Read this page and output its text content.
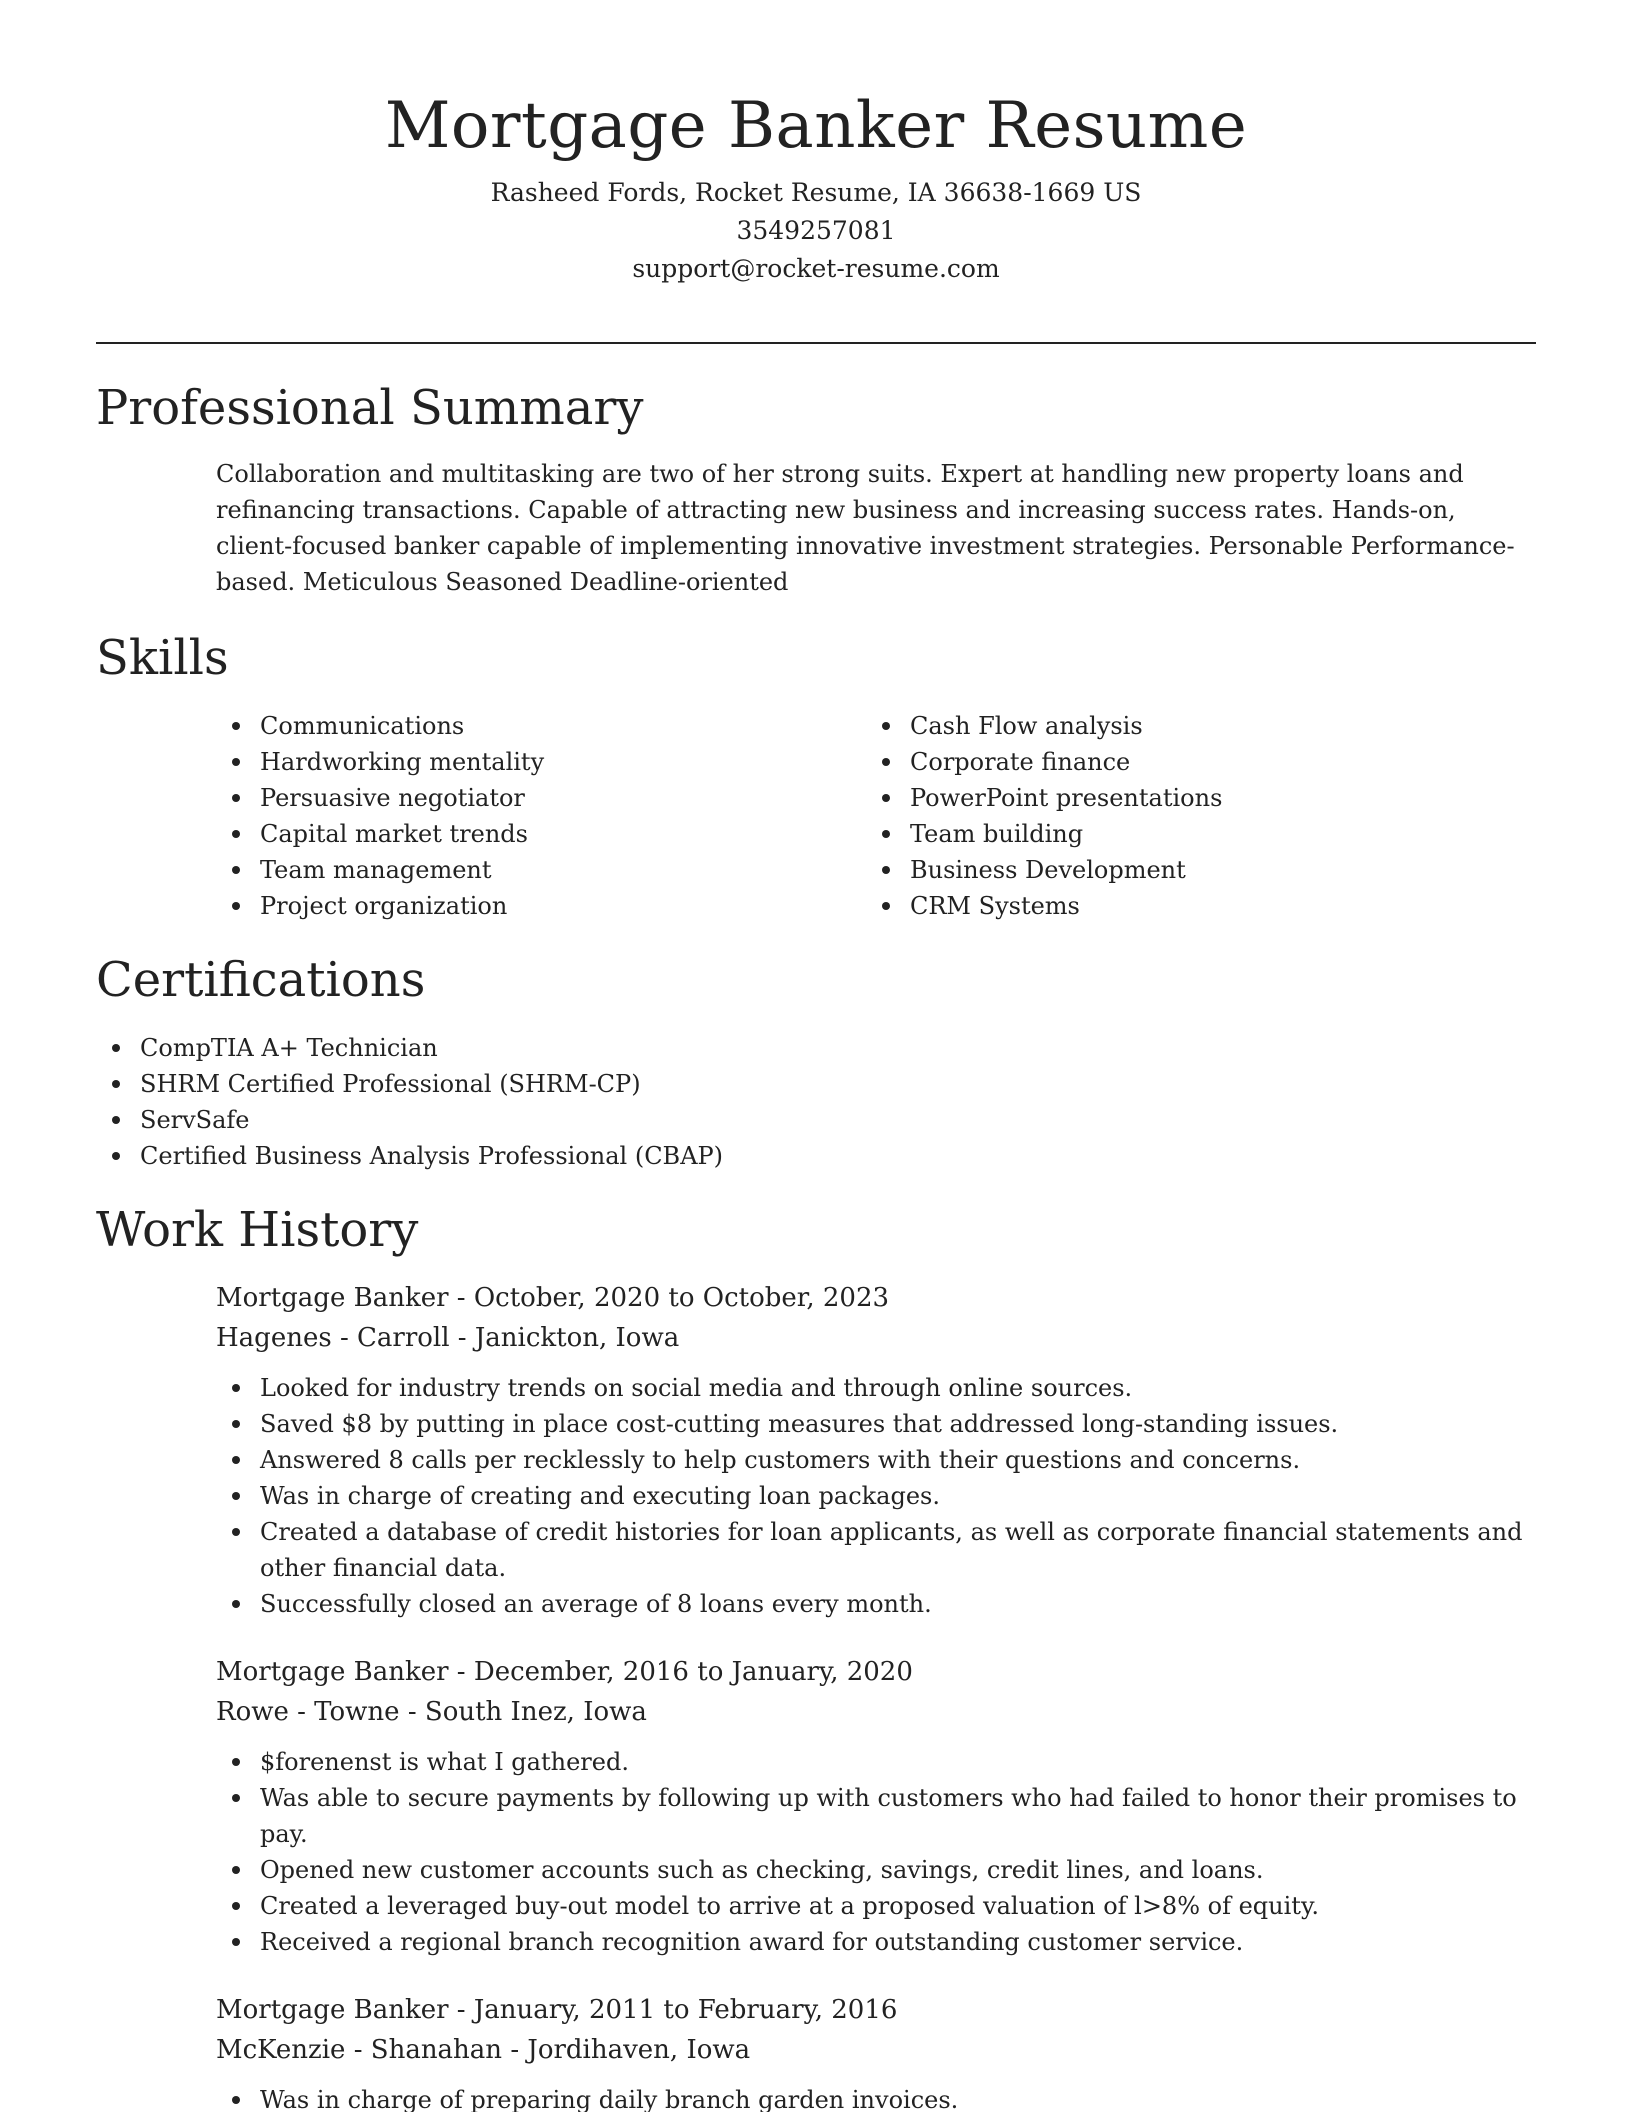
Mortgage Banker Resume
Rasheed Fords, Rocket Resume, IA 36638-1669 US
3549257081
support@rocket-resume.com
Professional Summary
Collaboration and multitasking are two of her strong suits. Expert at handling new property loans and refinancing transactions. Capable of attracting new business and increasing success rates. Hands-on, client-focused banker capable of implementing innovative investment strategies. Personable Performance-based. Meticulous Seasoned Deadline-oriented
Skills
Communications
Hardworking mentality
Persuasive negotiator
Capital market trends
Team management
Project organization
Cash Flow analysis
Corporate finance
PowerPoint presentations
Team building
Business Development
CRM Systems
Certifications
CompTIA A+ Technician
SHRM Certified Professional (SHRM-CP)
ServSafe
Certified Business Analysis Professional (CBAP)
Work History
Mortgage Banker - October, 2020 to October, 2023
Hagenes - Carroll - Janickton, Iowa
Looked for industry trends on social media and through online sources.
Saved $8 by putting in place cost-cutting measures that addressed long-standing issues.
Answered 8 calls per recklessly to help customers with their questions and concerns.
Was in charge of creating and executing loan packages.
Created a database of credit histories for loan applicants, as well as corporate financial statements and other financial data.
Successfully closed an average of 8 loans every month.
Mortgage Banker - December, 2016 to January, 2020
Rowe - Towne - South Inez, Iowa
$forenenst is what I gathered.
Was able to secure payments by following up with customers who had failed to honor their promises to pay.
Opened new customer accounts such as checking, savings, credit lines, and loans.
Created a leveraged buy-out model to arrive at a proposed valuation of l>8% of equity.
Received a regional branch recognition award for outstanding customer service.
Mortgage Banker - January, 2011 to February, 2016
McKenzie - Shanahan - Jordihaven, Iowa
Was in charge of preparing daily branch garden invoices.
